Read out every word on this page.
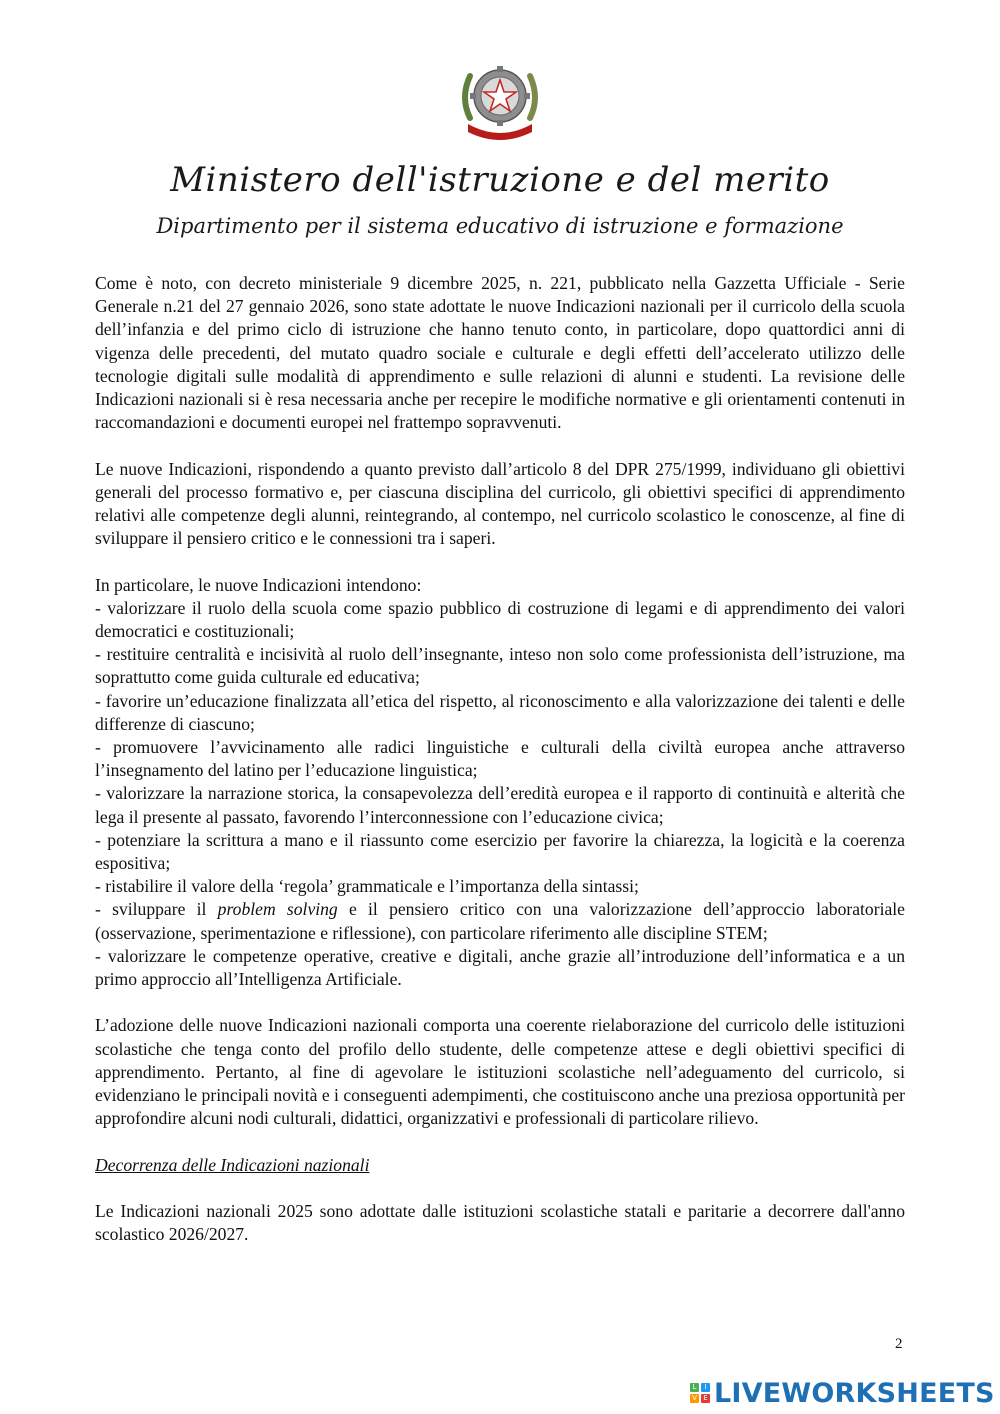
Ministero dell'istruzione e del merito
Dipartimento per il sistema educativo di istruzione e formazione

Come è noto, con decreto ministeriale 9 dicembre 2025, n. 221, pubblicato nella Gazzetta Ufficiale - Serie Generale n.21 del 27 gennaio 2026, sono state adottate le nuove Indicazioni nazionali per il curricolo della scuola dell’infanzia e del primo ciclo di istruzione che hanno tenuto conto, in particolare, dopo quattordici anni di vigenza delle precedenti, del mutato quadro sociale e culturale e degli effetti dell’accelerato utilizzo delle tecnologie digitali sulle modalità di apprendimento e sulle relazioni di alunni e studenti. La revisione delle Indicazioni nazionali si è resa necessaria anche per recepire le modifiche normative e gli orientamenti contenuti in raccomandazioni e documenti europei nel frattempo sopravvenuti.

Le nuove Indicazioni, rispondendo a quanto previsto dall’articolo 8 del DPR 275/1999, individuano gli obiettivi generali del processo formativo e, per ciascuna disciplina del curricolo, gli obiettivi specifici di apprendimento relativi alle competenze degli alunni, reintegrando, al contempo, nel curricolo scolastico le conoscenze, al fine di sviluppare il pensiero critico e le connessioni tra i saperi.

In particolare, le nuove Indicazioni intendono:

- valorizzare il ruolo della scuola come spazio pubblico di costruzione di legami e di apprendimento dei valori democratici e costituzionali;
- restituire centralità e incisività al ruolo dell’insegnante, inteso non solo come professionista dell’istruzione, ma soprattutto come guida culturale ed educativa;
- favorire un’educazione finalizzata all’etica del rispetto, al riconoscimento e alla valorizzazione dei talenti e delle differenze di ciascuno;
- promuovere l’avvicinamento alle radici linguistiche e culturali della civiltà europea anche attraverso l’insegnamento del latino per l’educazione linguistica;
- valorizzare la narrazione storica, la consapevolezza dell’eredità europea e il rapporto di continuità e alterità che lega il presente al passato, favorendo l’interconnessione con l’educazione civica;
- potenziare la scrittura a mano e il riassunto come esercizio per favorire la chiarezza, la logicità e la coerenza espositiva;
- ristabilire il valore della ‘regola’ grammaticale e l’importanza della sintassi;
- sviluppare il problem solving e il pensiero critico con una valorizzazione dell’approccio laboratoriale (osservazione, sperimentazione e riflessione), con particolare riferimento alle discipline STEM;
- valorizzare le competenze operative, creative e digitali, anche grazie all’introduzione dell’informatica e a un primo approccio all’Intelligenza Artificiale.

L’adozione delle nuove Indicazioni nazionali comporta una coerente rielaborazione del curricolo delle istituzioni scolastiche che tenga conto del profilo dello studente, delle competenze attese e degli obiettivi specifici di apprendimento. Pertanto, al fine di agevolare le istituzioni scolastiche nell’adeguamento del curricolo, si evidenziano le principali novità e i conseguenti adempimenti, che costituiscono anche una preziosa opportunità per approfondire alcuni nodi culturali, didattici, organizzativi e professionali di particolare rilievo.

Decorrenza delle Indicazioni nazionali

Le Indicazioni nazionali 2025 sono adottate dalle istituzioni scolastiche statali e paritarie a decorrere dall'anno scolastico 2026/2027.

2
L	I
V E LIVEWORKSHEETS
